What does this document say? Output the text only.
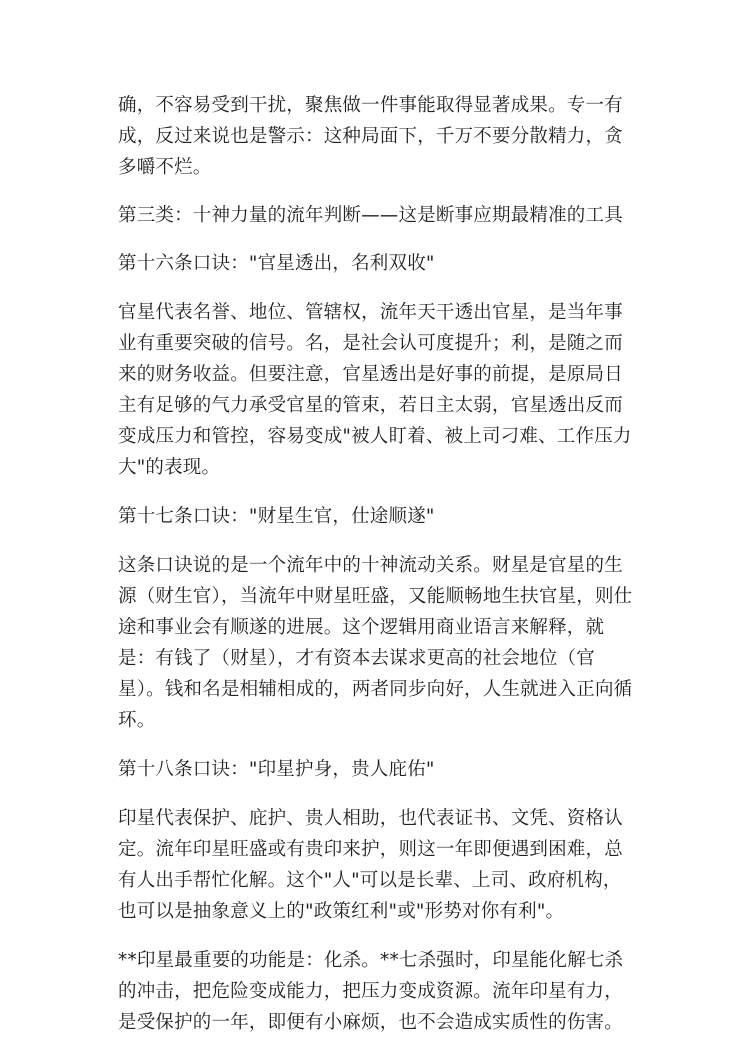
确，不容易受到干扰，聚焦做一件事能取得显著成果。专一有成，反过来说也是警示：这种局面下，千万不要分散精力，贪多嚼不烂。

第三类：十神力量的流年判断——这是断事应期最精准的工具

第十六条口诀："官星透出，名利双收"

官星代表名誉、地位、管辖权，流年天干透出官星，是当年事业有重要突破的信号。名，是社会认可度提升；利，是随之而来的财务收益。但要注意，官星透出是好事的前提，是原局日主有足够的气力承受官星的管束，若日主太弱，官星透出反而变成压力和管控，容易变成"被人盯着、被上司刁难、工作压力大"的表现。

第十七条口诀："财星生官，仕途顺遂"

这条口诀说的是一个流年中的十神流动关系。财星是官星的生源（财生官），当流年中财星旺盛，又能顺畅地生扶官星，则仕途和事业会有顺遂的进展。这个逻辑用商业语言来解释，就是：有钱了（财星），才有资本去谋求更高的社会地位（官星）。钱和名是相辅相成的，两者同步向好，人生就进入正向循环。

第十八条口诀："印星护身，贵人庇佑"

印星代表保护、庇护、贵人相助，也代表证书、文凭、资格认定。流年印星旺盛或有贵印来护，则这一年即便遇到困难，总有人出手帮忙化解。这个"人"可以是长辈、上司、政府机构，也可以是抽象意义上的"政策红利"或"形势对你有利"。

**印星最重要的功能是：化杀。**七杀强时，印星能化解七杀的冲击，把危险变成能力，把压力变成资源。流年印星有力，是受保护的一年，即便有小麻烦，也不会造成实质性的伤害。
